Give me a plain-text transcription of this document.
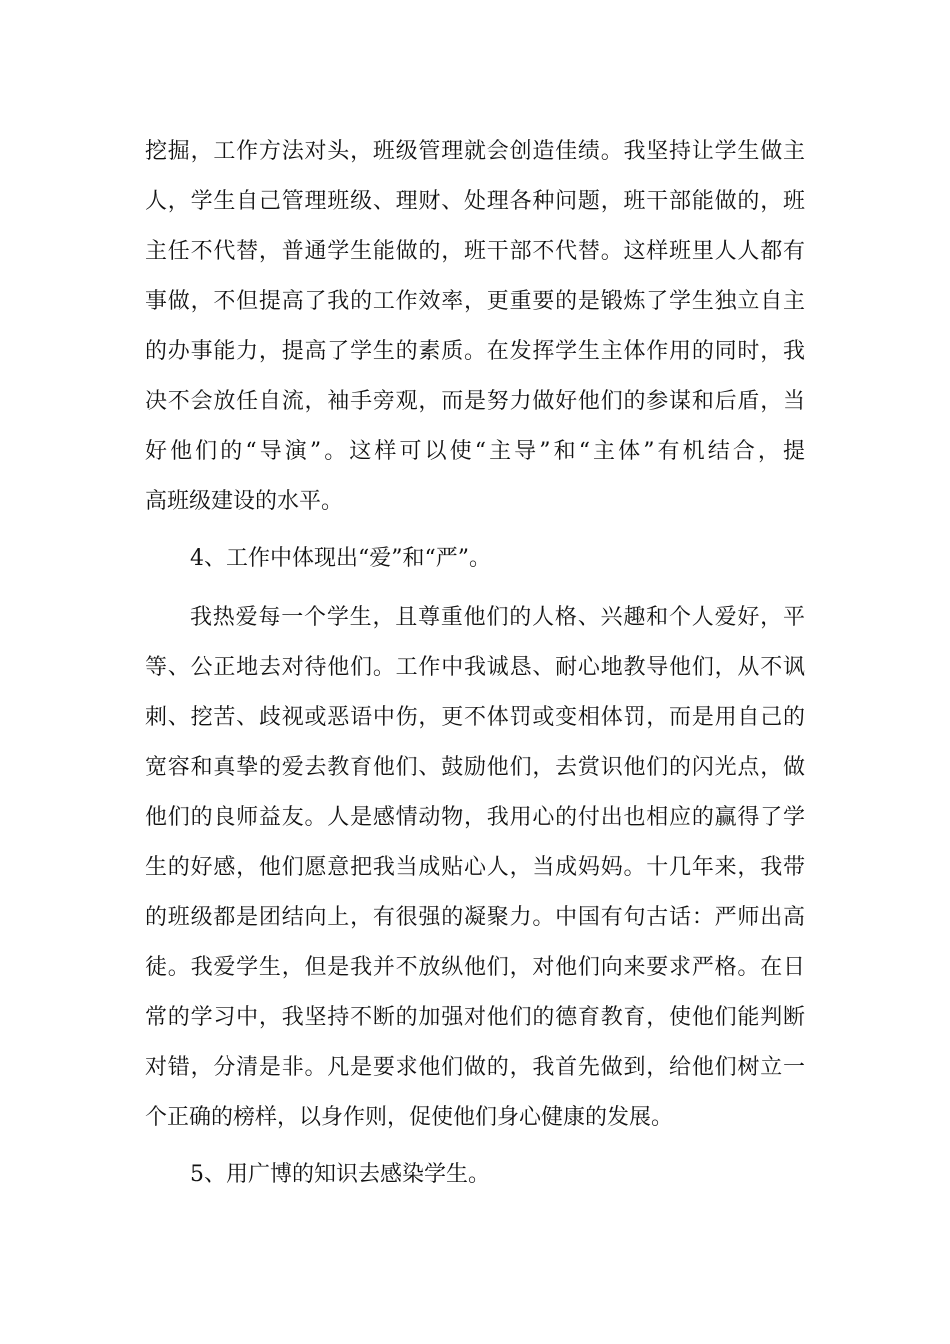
挖掘，工作方法对头，班级管理就会创造佳绩。我坚持让学生做主
人，学生自己管理班级、理财、处理各种问题，班干部能做的，班
主任不代替，普通学生能做的，班干部不代替。这样班里人人都有
事做，不但提高了我的工作效率，更重要的是锻炼了学生独立自主
的办事能力，提高了学生的素质。在发挥学生主体作用的同时，我
决不会放任自流，袖手旁观，而是努力做好他们的参谋和后盾，当
好他们的“导演”。这样可以使“主导”和“主体”有机结合，提
高班级建设的水平。
4、工作中体现出“爱”和“严”。
我热爱每一个学生，且尊重他们的人格、兴趣和个人爱好，平
等、公正地去对待他们。工作中我诚恳、耐心地教导他们，从不讽
刺、挖苦、歧视或恶语中伤，更不体罚或变相体罚，而是用自己的
宽容和真挚的爱去教育他们、鼓励他们，去赏识他们的闪光点，做
他们的良师益友。人是感情动物，我用心的付出也相应的赢得了学
生的好感，他们愿意把我当成贴心人，当成妈妈。十几年来，我带
的班级都是团结向上，有很强的凝聚力。中国有句古话：严师出高
徒。我爱学生，但是我并不放纵他们，对他们向来要求严格。在日
常的学习中，我坚持不断的加强对他们的德育教育，使他们能判断
对错，分清是非。凡是要求他们做的，我首先做到，给他们树立一
个正确的榜样，以身作则，促使他们身心健康的发展。
5、用广博的知识去感染学生。
